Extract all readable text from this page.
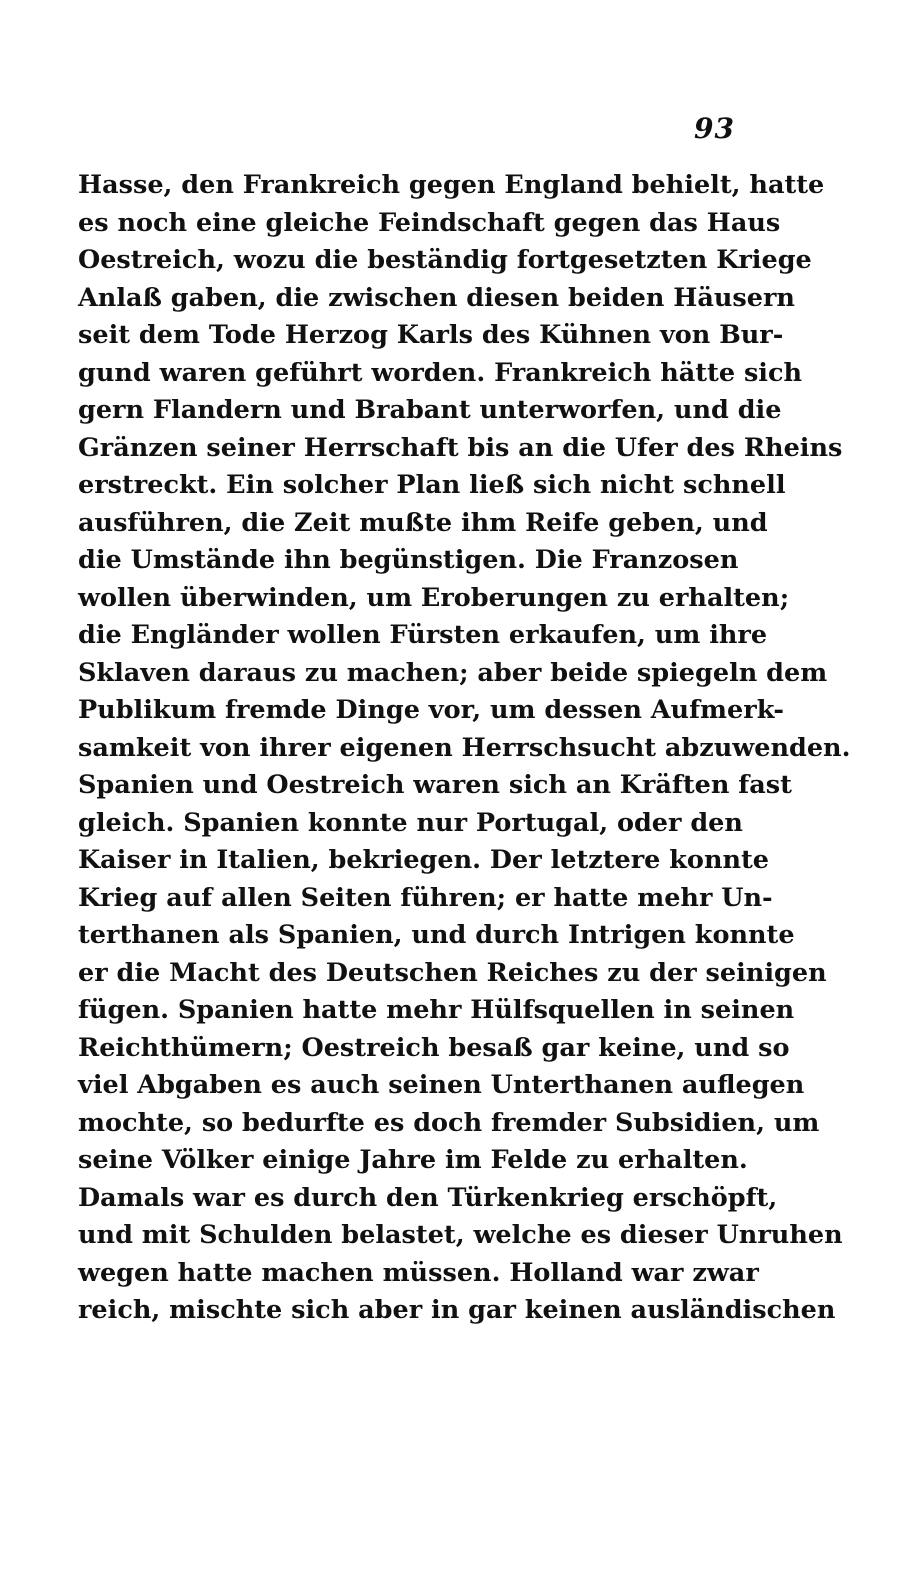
93
Hasse, den Frankreich gegen England behielt, hatte
es noch eine gleiche Feindschaft gegen das Haus
Oestreich, wozu die beständig fortgesetzten Kriege
Anlaß gaben, die zwischen diesen beiden Häusern
seit dem Tode Herzog Karls des Kühnen von Bur-
gund waren geführt worden. Frankreich hätte sich
gern Flandern und Brabant unterworfen, und die
Gränzen seiner Herrschaft bis an die Ufer des Rheins
erstreckt. Ein solcher Plan ließ sich nicht schnell
ausführen, die Zeit mußte ihm Reife geben, und
die Umstände ihn begünstigen. Die Franzosen
wollen überwinden, um Eroberungen zu erhalten;
die Engländer wollen Fürsten erkaufen, um ihre
Sklaven daraus zu machen; aber beide spiegeln dem
Publikum fremde Dinge vor, um dessen Aufmerk-
samkeit von ihrer eigenen Herrschsucht abzuwenden.
Spanien und Oestreich waren sich an Kräften fast
gleich. Spanien konnte nur Portugal, oder den
Kaiser in Italien, bekriegen. Der letztere konnte
Krieg auf allen Seiten führen; er hatte mehr Un-
terthanen als Spanien, und durch Intrigen konnte
er die Macht des Deutschen Reiches zu der seinigen
fügen. Spanien hatte mehr Hülfsquellen in seinen
Reichthümern; Oestreich besaß gar keine, und so
viel Abgaben es auch seinen Unterthanen auflegen
mochte, so bedurfte es doch fremder Subsidien, um
seine Völker einige Jahre im Felde zu erhalten.
Damals war es durch den Türkenkrieg erschöpft,
und mit Schulden belastet, welche es dieser Unruhen
wegen hatte machen müssen. Holland war zwar
reich, mischte sich aber in gar keinen ausländischen
